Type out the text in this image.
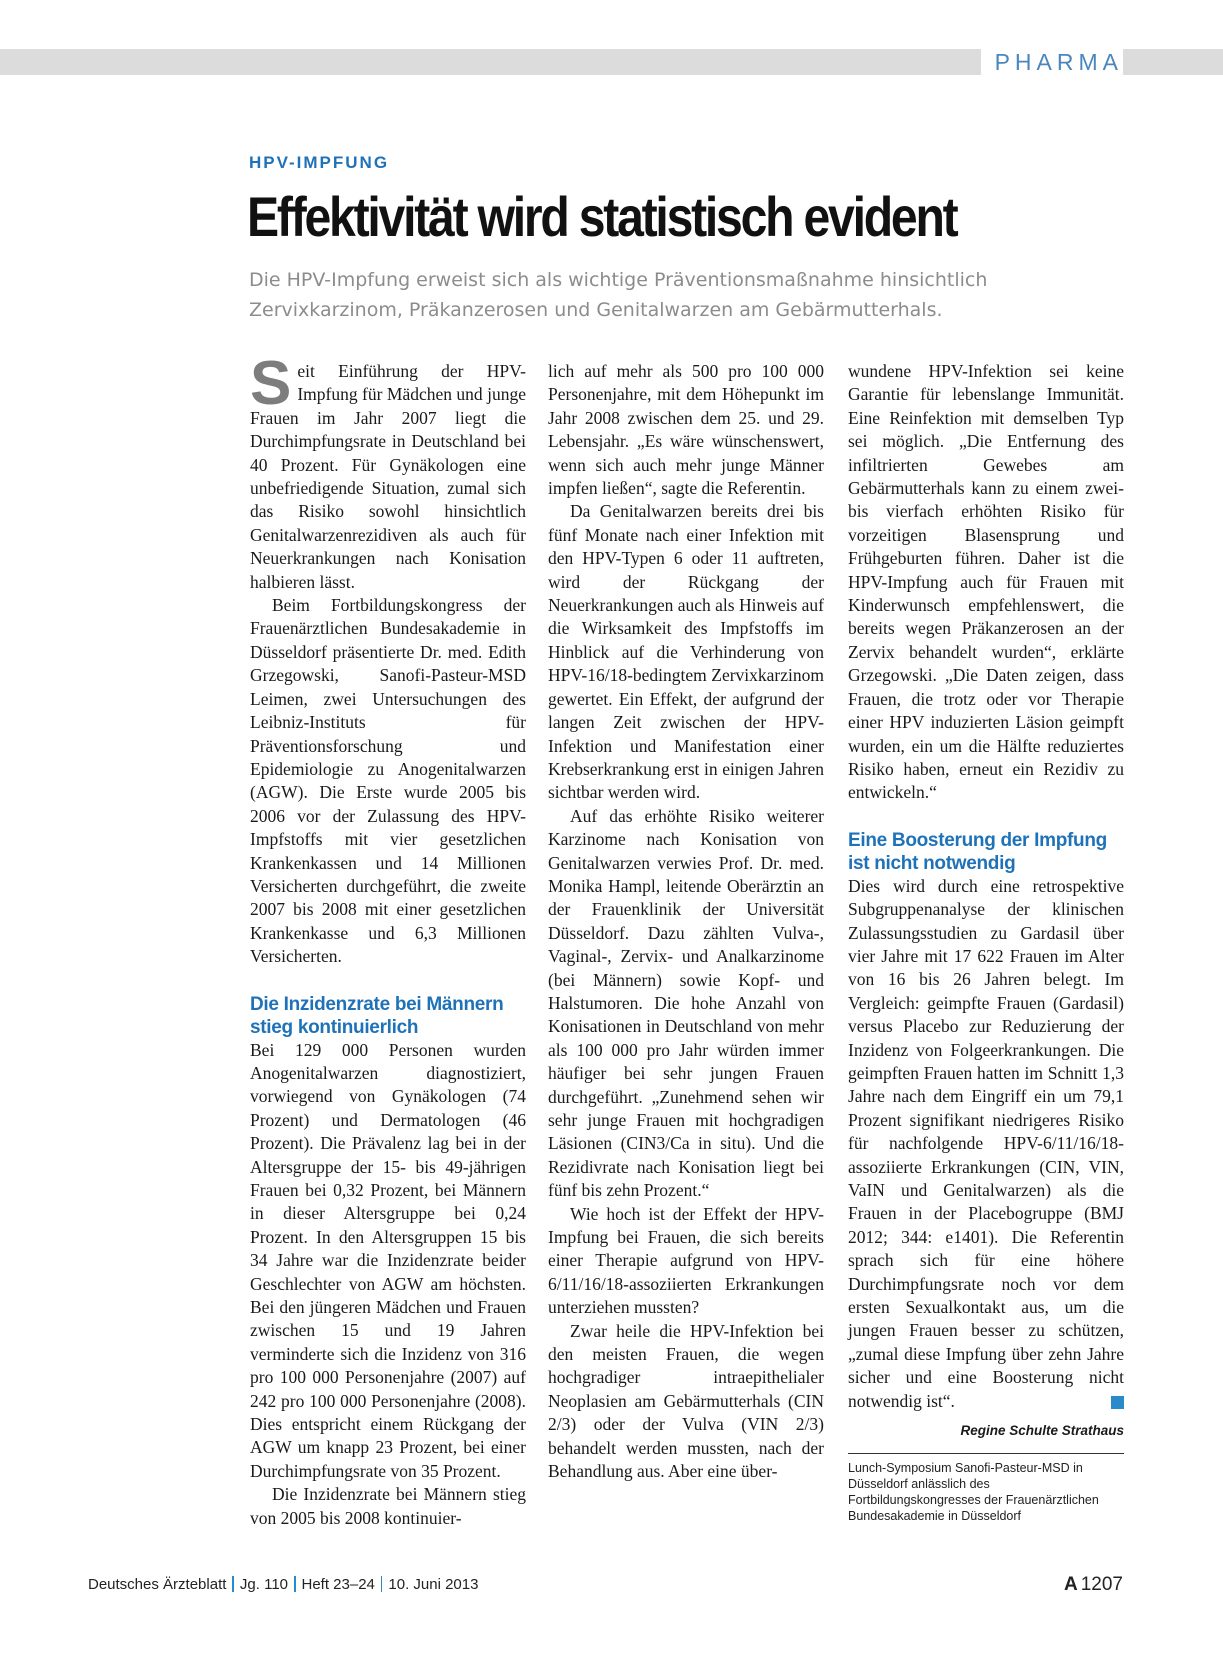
PHARMA
HPV-IMPFUNG
Effektivität wird statistisch evident
Die HPV-Impfung erweist sich als wichtige Präventionsmaßnahme hinsichtlich Zervixkarzinom, Präkanzerosen und Genitalwarzen am Gebärmutterhals.

Seit Einführung der HPV-Impfung für Mädchen und junge Frauen im Jahr 2007 liegt die Durchimpfungsrate in Deutschland bei 40 Prozent. Für Gynäkologen eine unbefriedigende Situation, zumal sich das Risiko sowohl hinsichtlich Genitalwarzenrezidiven als auch für Neuerkrankungen nach Konisation halbieren lässt.

Beim Fortbildungskongress der Frauenärztlichen Bundesakademie in Düsseldorf präsentierte Dr. med. Edith Grzegowski, Sanofi-Pasteur-MSD Leimen, zwei Untersuchungen des Leibniz-Instituts für Präventionsforschung und Epidemiologie zu Anogenitalwarzen (AGW). Die Erste wurde 2005 bis 2006 vor der Zulassung des HPV-Impfstoffs mit vier gesetzlichen Krankenkassen und 14 Millionen Versicherten durchgeführt, die zweite 2007 bis 2008 mit einer gesetzlichen Krankenkasse und 6,3 Millionen Versicherten.

Die Inzidenzrate bei Männern stieg kontinuierlich

Bei 129 000 Personen wurden Anogenitalwarzen diagnostiziert, vorwiegend von Gynäkologen (74 Prozent) und Dermatologen (46 Prozent). Die Prävalenz lag bei in der Altersgruppe der 15- bis 49-jährigen Frauen bei 0,32 Prozent, bei Männern in dieser Altersgruppe bei 0,24 Prozent. In den Altersgruppen 15 bis 34 Jahre war die Inzidenzrate beider Geschlechter von AGW am höchsten. Bei den jüngeren Mädchen und Frauen zwischen 15 und 19 Jahren verminderte sich die Inzidenz von 316 pro 100 000 Personenjahre (2007) auf 242 pro 100 000 Personenjahre (2008). Dies entspricht einem Rückgang der AGW um knapp 23 Prozent, bei einer Durchimpfungsrate von 35 Prozent.

Die Inzidenzrate bei Männern stieg von 2005 bis 2008 kontinuier-

lich auf mehr als 500 pro 100 000 Personenjahre, mit dem Höhepunkt im Jahr 2008 zwischen dem 25. und 29. Lebensjahr. „Es wäre wünschenswert, wenn sich auch mehr junge Männer impfen ließen“, sagte die Referentin.

Da Genitalwarzen bereits drei bis fünf Monate nach einer Infektion mit den HPV-Typen 6 oder 11 auftreten, wird der Rückgang der Neuerkrankungen auch als Hinweis auf die Wirksamkeit des Impfstoffs im Hinblick auf die Verhinderung von HPV-16/18-bedingtem Zervixkarzinom gewertet. Ein Effekt, der aufgrund der langen Zeit zwischen der HPV-Infektion und Manifestation einer Krebserkrankung erst in einigen Jahren sichtbar werden wird.

Auf das erhöhte Risiko weiterer Karzinome nach Konisation von Genitalwarzen verwies Prof. Dr. med. Monika Hampl, leitende Oberärztin an der Frauenklinik der Universität Düsseldorf. Dazu zählten Vulva-, Vaginal-, Zervix- und Analkarzinome (bei Männern) sowie Kopf- und Halstumoren. Die hohe Anzahl von Konisationen in Deutschland von mehr als 100 000 pro Jahr würden immer häufiger bei sehr jungen Frauen durchgeführt. „Zunehmend sehen wir sehr junge Frauen mit hochgradigen Läsionen (CIN3/Ca in situ). Und die Rezidivrate nach Konisation liegt bei fünf bis zehn Prozent.“

Wie hoch ist der Effekt der HPV-Impfung bei Frauen, die sich bereits einer Therapie aufgrund von HPV-6/11/16/18-assoziierten Erkrankungen unterziehen mussten?

Zwar heile die HPV-Infektion bei den meisten Frauen, die wegen hochgradiger intraepithelialer Neoplasien am Gebärmutterhals (CIN 2/3) oder der Vulva (VIN 2/3) behandelt werden mussten, nach der Behandlung aus. Aber eine über-

wundene HPV-Infektion sei keine Garantie für lebenslange Immunität. Eine Reinfektion mit demselben Typ sei möglich. „Die Entfernung des infiltrierten Gewebes am Gebärmutterhals kann zu einem zwei- bis vierfach erhöhten Risiko für vorzeitigen Blasensprung und Frühgeburten führen. Daher ist die HPV-Impfung auch für Frauen mit Kinderwunsch empfehlenswert, die bereits wegen Präkanzerosen an der Zervix behandelt wurden“, erklärte Grzegowski. „Die Daten zeigen, dass Frauen, die trotz oder vor Therapie einer HPV induzierten Läsion geimpft wurden, ein um die Hälfte reduziertes Risiko haben, erneut ein Rezidiv zu entwickeln.“

Eine Boosterung der Impfung ist nicht notwendig

Dies wird durch eine retrospektive Subgruppenanalyse der klinischen Zulassungsstudien zu Gardasil über vier Jahre mit 17 622 Frauen im Alter von 16 bis 26 Jahren belegt. Im Vergleich: geimpfte Frauen (Gardasil) versus Placebo zur Reduzierung der Inzidenz von Folgeerkrankungen. Die geimpften Frauen hatten im Schnitt 1,3 Jahre nach dem Eingriff ein um 79,1 Prozent signifikant niedrigeres Risiko für nachfolgende HPV-6/11/16/18-assoziierte Erkrankungen (CIN, VIN, VaIN und Genitalwarzen) als die Frauen in der Placebogruppe (BMJ 2012; 344: e1401). Die Referentin sprach sich für eine höhere Durchimpfungsrate noch vor dem ersten Sexualkontakt aus, um die jungen Frauen besser zu schützen, „zumal diese Impfung über zehn Jahre sicher und eine Boosterung nicht notwendig ist“.

Regine Schulte Strathaus
Lunch-Symposium Sanofi-Pasteur-MSD in Düsseldorf anlässlich des Fortbildungskongresses der Frauenärztlichen Bundesakademie in Düsseldorf
Deutsches Ärzteblatt Jg. 110 Heft 23–24 10. Juni 2013	A 1207
